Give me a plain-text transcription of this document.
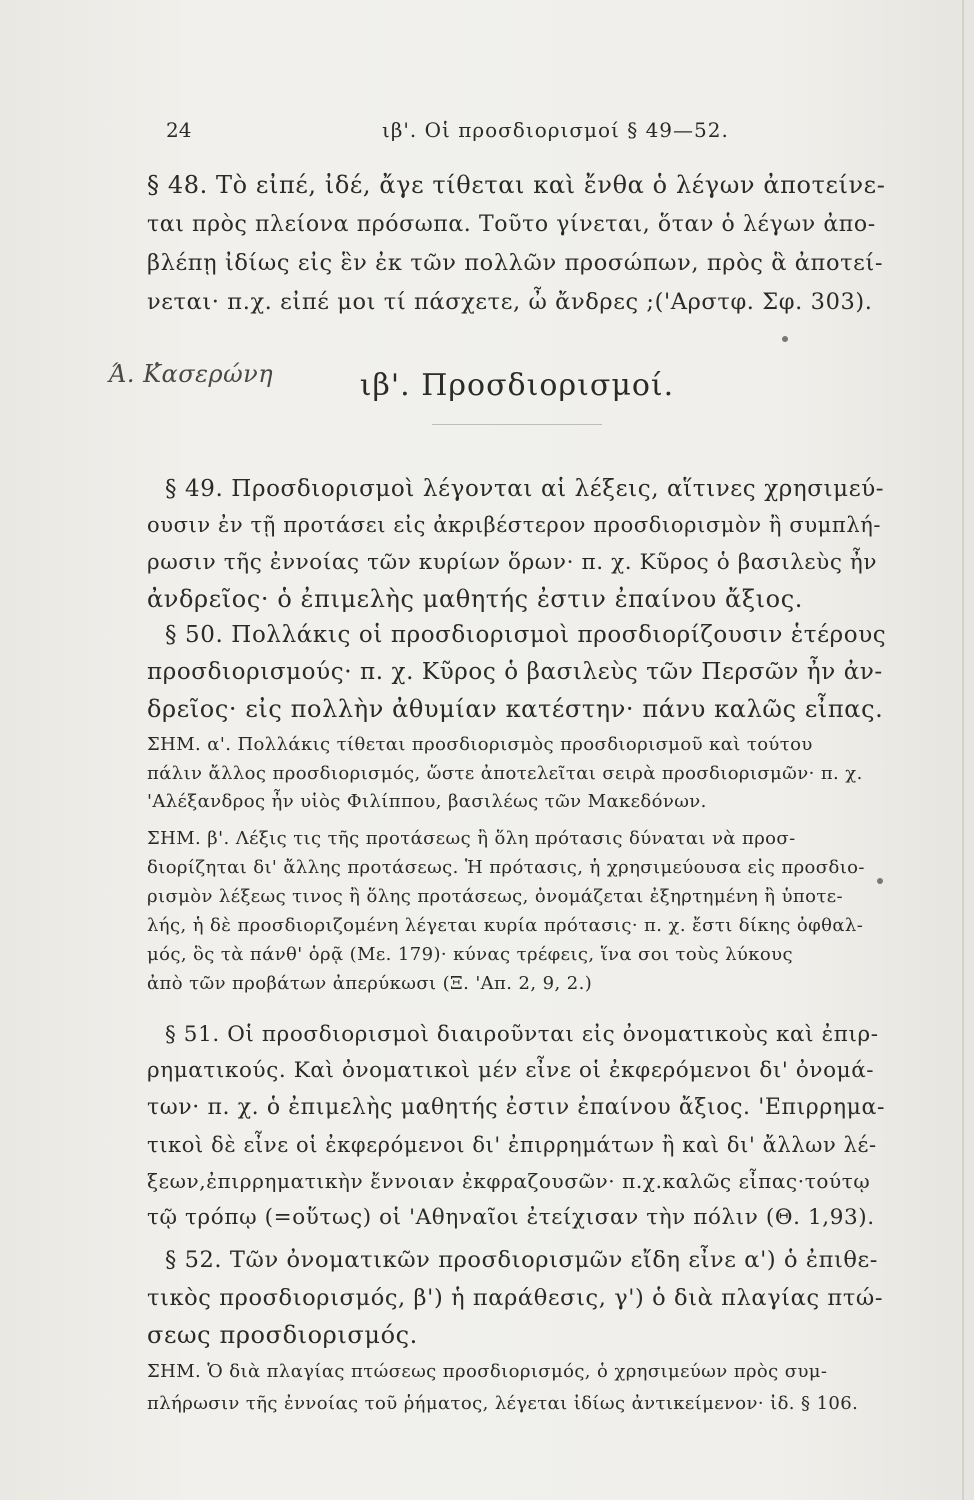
24	ιβ'. Οἱ προσδιορισμοί § 49—52.
§ 48. Τὸ εἰπέ, ἰδέ, ἄγε τίθεται καὶ ἔνθα ὁ λέγων ἀποτείνε-
ται πρὸς πλείονα πρόσωπα. Τοῦτο γίνεται, ὅταν ὁ λέγων ἀπο-
βλέπῃ ἰδίως εἰς ἓν ἐκ τῶν πολλῶν προσώπων, πρὸς ἃ ἀποτεί-
νεται· π.χ. εἰπέ μοι τί πάσχετε, ὦ ἄνδρες ;('Αρστφ. Σφ. 303).
Ά. Κ̔ασερώνη	ιβ'. Προσδιορισμοί.
§ 49. Προσδιορισμοὶ λέγονται αἱ λέξεις, αἵτινες χρησιμεύ-
ουσιν ἐν τῇ προτάσει εἰς ἀκριβέστερον προσδιορισμὸν ἢ συμπλή-
ρωσιν τῆς ἐννοίας τῶν κυρίων ὅρων· π. χ. Κῦρος ὁ βασιλεὺς ἦν
ἀνδρεῖος· ὁ ἐπιμελὴς μαθητής ἐστιν ἐπαίνου ἄξιος.
§ 50. Πολλάκις οἱ προσδιορισμοὶ προσδιορίζουσιν ἑτέρους
προσδιορισμούς· π. χ. Κῦρος ὁ βασιλεὺς τῶν Περσῶν ἦν ἀν-
δρεῖος· εἰς πολλὴν ἀθυμίαν κατέστην· πάνυ καλῶς εἶπας.
ΣΗΜ. α'. Πολλάκις τίθεται προσδιορισμὸς προσδιορισμοῦ καὶ τούτου
πάλιν ἄλλος προσδιορισμός, ὥστε ἀποτελεῖται σειρὰ προσδιορισμῶν· π. χ.
'Αλέξανδρος ἦν υἱὸς Φιλίππου, βασιλέως τῶν Μακεδόνων.
ΣΗΜ. β'. Λέξις τις τῆς προτάσεως ἢ ὅλη πρότασις δύναται νὰ προσ-
διορίζηται δι' ἄλλης προτάσεως. Ἡ πρότασις, ἡ χρησιμεύουσα εἰς προσδιο-
ρισμὸν λέξεως τινος ἢ ὅλης προτάσεως, ὀνομάζεται ἐξηρτημένη ἢ ὑποτε-
λής, ἡ δὲ προσδιοριζομένη λέγεται κυρία πρότασις· π. χ. ἔστι δίκης ὀφθαλ-
μός, ὃς τὰ πάνθ' ὁρᾷ (Με. 179)· κύνας τρέφεις, ἵνα σοι τοὺς λύκους
ἀπὸ τῶν προβάτων ἀπερύκωσι (Ξ. 'Απ. 2, 9, 2.)
§ 51. Οἱ προσδιορισμοὶ διαιροῦνται εἰς ὀνοματικοὺς καὶ ἐπιρ-
ρηματικούς. Καὶ ὀνοματικοὶ μέν εἶνε οἱ ἐκφερόμενοι δι' ὀνομά-
των· π. χ. ὁ ἐπιμελὴς μαθητής ἐστιν ἐπαίνου ἄξιος. 'Επιρρημα-
τικοὶ δὲ εἶνε οἱ ἐκφερόμενοι δι' ἐπιρρημάτων ἢ καὶ δι' ἄλλων λέ-
ξεων,ἐπιρρηματικὴν ἔννοιαν ἐκφραζουσῶν· π.χ.καλῶς εἶπας·τούτῳ
τῷ τρόπῳ (=οὕτως) οἱ 'Αθηναῖοι ἐτείχισαν τὴν πόλιν (Θ. 1,93).
§ 52. Τῶν ὀνοματικῶν προσδιορισμῶν εἴδη εἶνε α') ὁ ἐπιθε-
τικὸς προσδιορισμός, β') ἡ παράθεσις, γ') ὁ διὰ πλαγίας πτώ-
σεως προσδιορισμός.
ΣΗΜ. Ὁ διὰ πλαγίας πτώσεως προσδιορισμός, ὁ χρησιμεύων πρὸς συμ-
πλήρωσιν τῆς ἐννοίας τοῦ ῥήματος, λέγεται ἰδίως ἀντικείμενον· ἰδ. § 106.
